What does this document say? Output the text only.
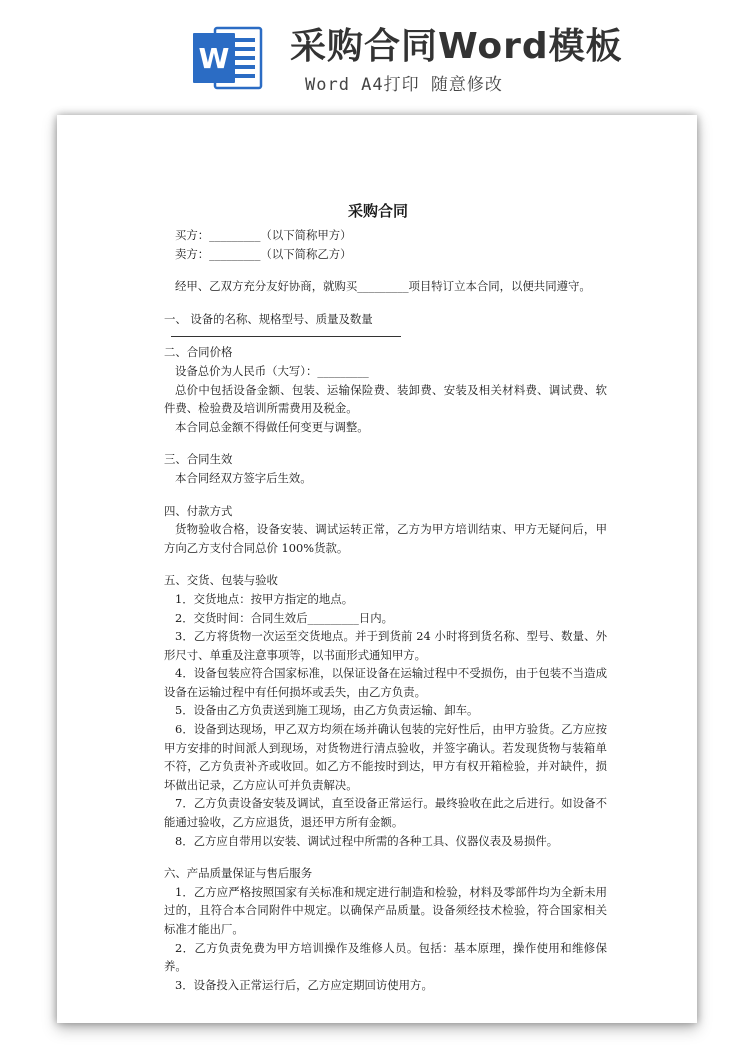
W 采购合同Word模板
Word A4打印 随意修改

采购合同

买方：_________（以下简称甲方）

卖方：_________（以下简称乙方）

经甲、乙双方充分友好协商，就购买_________项目特订立本合同，以便共同遵守。

一、 设备的名称、规格型号、质量及数量

二、合同价格

设备总价为人民币（大写）：_________

总价中包括设备金额、包装、运输保险费、装卸费、安装及相关材料费、调试费、软件费、检验费及培训所需费用及税金。

本合同总金额不得做任何变更与调整。

三、合同生效

本合同经双方签字后生效。

四、付款方式

货物验收合格，设备安装、调试运转正常，乙方为甲方培训结束、甲方无疑问后，甲方向乙方支付合同总价 100%货款。

五、交货、包装与验收

1．交货地点：按甲方指定的地点。

2．交货时间：合同生效后_________日内。

3．乙方将货物一次运至交货地点。并于到货前 24 小时将到货名称、型号、数量、外形尺寸、单重及注意事项等，以书面形式通知甲方。

4．设备包装应符合国家标准，以保证设备在运输过程中不受损伤，由于包装不当造成设备在运输过程中有任何损坏或丢失，由乙方负责。

5．设备由乙方负责送到施工现场，由乙方负责运输、卸车。

6．设备到达现场，甲乙双方均须在场并确认包装的完好性后，由甲方验货。乙方应按甲方安排的时间派人到现场，对货物进行清点验收，并签字确认。若发现货物与装箱单不符，乙方负责补齐或收回。如乙方不能按时到达，甲方有权开箱检验，并对缺件，损坏做出记录，乙方应认可并负责解决。

7．乙方负责设备安装及调试，直至设备正常运行。最终验收在此之后进行。如设备不能通过验收，乙方应退货，退还甲方所有金额。

8．乙方应自带用以安装、调试过程中所需的各种工具、仪器仪表及易损件。

六、产品质量保证与售后服务

1．乙方应严格按照国家有关标准和规定进行制造和检验，材料及零部件均为全新未用过的，且符合本合同附件中规定。以确保产品质量。设备须经技术检验，符合国家相关标准才能出厂。

2．乙方负责免费为甲方培训操作及维修人员。包括：基本原理，操作使用和维修保养。

3．设备投入正常运行后，乙方应定期回访使用方。
